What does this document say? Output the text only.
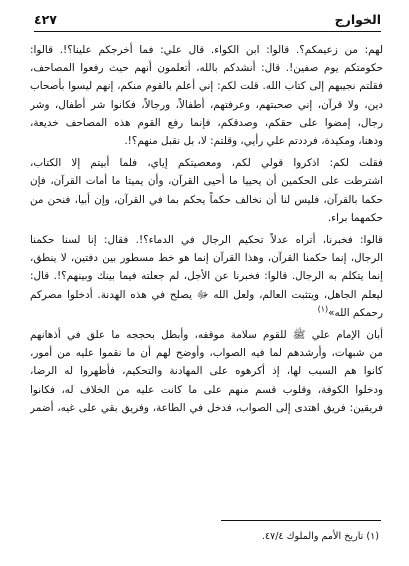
الخوارج
٤٢٧

لهم: من زعيمكم؟. قالوا: ابن الكواء. قال علي: فما أخرجكم علينا؟!. قالوا:
حكومتكم يوم صفين!. قال: أنشدكم بالله، أتعلمون أنهم حيث رفعوا المصاحف،
فقلتم نجيبهم إلى كتاب الله. قلت لكم: إني أعلم بالقوم منكم، إنهم ليسوا بأصحاب
دين، ولا قرآن، إني صحبتهم، وعرفتهم، أطفالاً، ورجالاً، فكانوا شر أطفال، وشر
رجال، إمضوا على حقكم، وصدقكم، فإنما رفع القوم هذه المصاحف خديعة،
ودهنا، ومكيدة، فرددتم علي رأيي، وقلتم: لا، بل نقبل منهم؟!.

فقلت لكم: اذكروا قولي لكم، ومعصيتكم إياي، فلما أبيتم إلا الكتاب،
اشترطت على الحكمين أن يحييا ما أحيى القرآن، وأن يميتا ما أمات القرآن، فإن
حكما بالقرآن، فليس لنا أن نخالف حكماً يحكم بما في القرآن، وإن أبيا، فنحن من
حكمهما براء.

قالوا: فخبرنا، أتراه عدلاً تحكيم الرجال في الدماء؟!. فقال: إنا لسنا حكمنا
الرجال، إنما حكمنا القرآن، وهذا القرآن إنما هو خط مسطور بين دفتين، لا ينطق،
إنما يتكلم به الرجال. قالوا: فخبرنا عن الأجل، لم جعلته فيما بينك وبينهم؟!. قال:
ليعلم الجاهل، ويتثبت العالم، ولعل الله ﷻ يصلح في هذه الهدنة. أدخلوا مصركم
رحمكم الله»$^{(١)}$

أبان الإمام علي ﷺ للقوم سلامة موقفه، وأبطل بحججه ما علق في أذهانهم
من شبهات، وأرشدهم لما فيه الصواب، وأوضح لهم أن ما نقموا عليه من أمور،
كانوا هم السبب لها، إذ أكرهوه على المهادنة والتحكيم، فأظهروا له الرضا،
ودخلوا الكوفة، وقلوب قسم منهم على ما كانت عليه من الخلاف له، فكانوا
فريقين: فريق اهتدى إلى الصواب، فدخل في الطاعة، وفريق بقي على غيه، أضمر

(١) تاريخ الأمم والملوك ٤٧/٤.
